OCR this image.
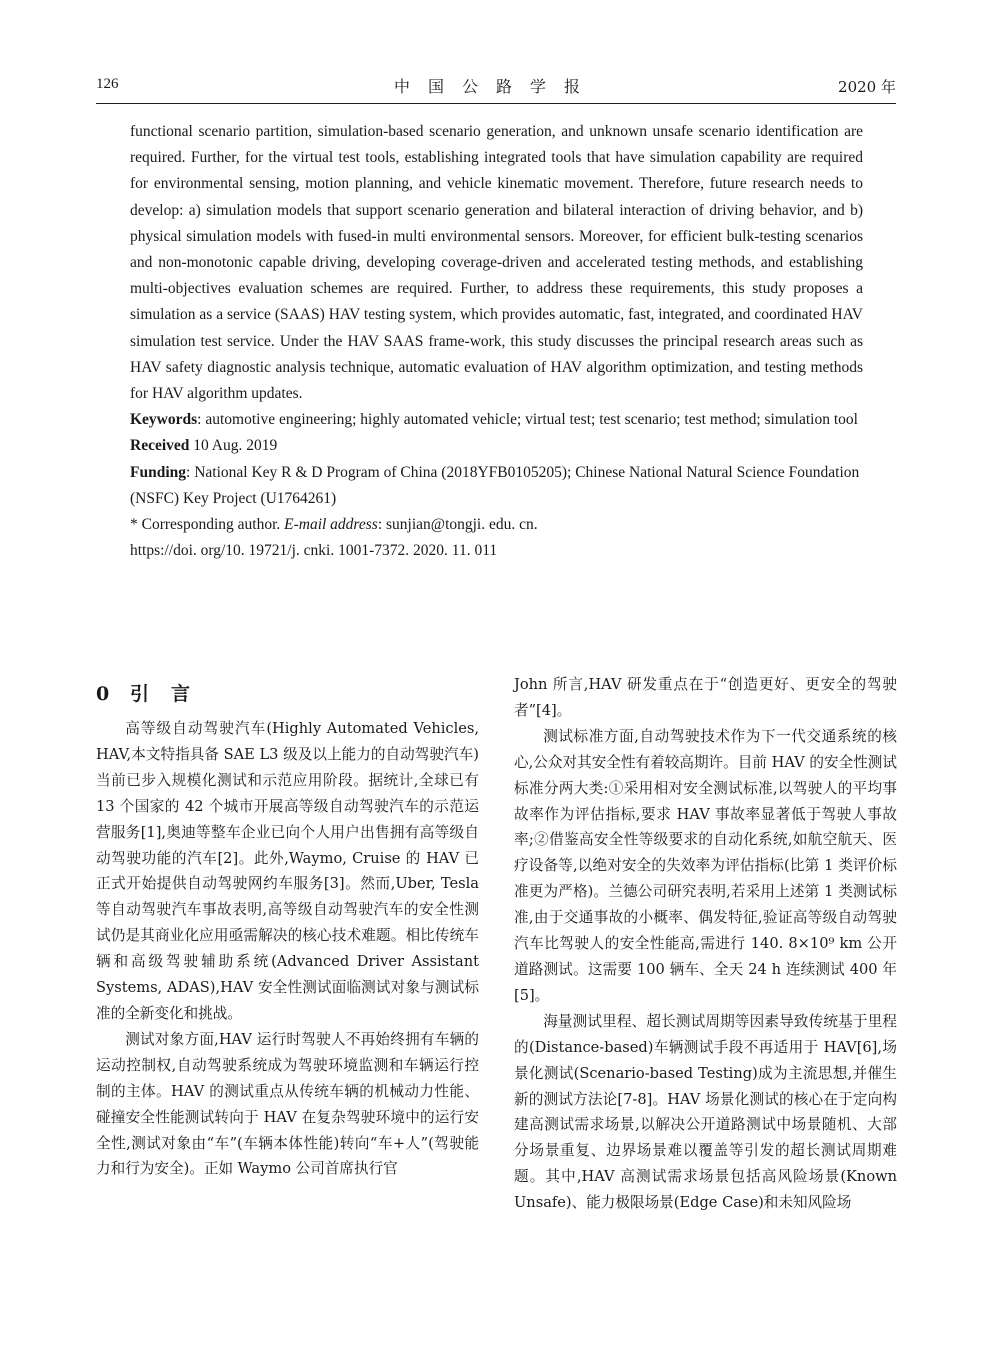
126	中国公路学报	2020 年

functional scenario partition, simulation-based scenario generation, and unknown unsafe scenario identification are required. Further, for the virtual test tools, establishing integrated tools that have simulation capability are required for environmental sensing, motion planning, and vehicle kinematic movement. Therefore, future research needs to develop: a) simulation models that support scenario generation and bilateral interaction of driving behavior, and b) physical simulation models with fused-in multi environmental sensors. Moreover, for efficient bulk-testing scenarios and non-monotonic capable driving, developing coverage-driven and accelerated testing methods, and establishing multi-objectives evaluation schemes are required. Further, to address these requirements, this study proposes a simulation as a service (SAAS) HAV testing system, which provides automatic, fast, integrated, and coordinated HAV simulation test service. Under the HAV SAAS frame-work, this study discusses the principal research areas such as HAV safety diagnostic analysis technique, automatic evaluation of HAV algorithm optimization, and testing methods for HAV algorithm updates.

Keywords: automotive engineering; highly automated vehicle; virtual test; test scenario; test method; simulation tool

Received 10 Aug. 2019

Funding: National Key R & D Program of China (2018YFB0105205); Chinese National Natural Science Foundation (NSFC) Key Project (U1764261)

* Corresponding author. E-mail address: sunjian@tongji. edu. cn.

https://doi. org/10. 19721/j. cnki. 1001-7372. 2020. 11. 011

0 引言

高等级自动驾驶汽车(Highly Automated Vehicles, HAV,本文特指具备 SAE L3 级及以上能力的自动驾驶汽车)当前已步入规模化测试和示范应用阶段。据统计,全球已有 13 个国家的 42 个城市开展高等级自动驾驶汽车的示范运营服务[1],奥迪等整车企业已向个人用户出售拥有高等级自动驾驶功能的汽车[2]。此外,Waymo, Cruise 的 HAV 已正式开始提供自动驾驶网约车服务[3]。然而,Uber, Tesla 等自动驾驶汽车事故表明,高等级自动驾驶汽车的安全性测试仍是其商业化应用亟需解决的核心技术难题。相比传统车辆和高级驾驶辅助系统(Advanced Driver Assistant Systems, ADAS),HAV 安全性测试面临测试对象与测试标准的全新变化和挑战。

测试对象方面,HAV 运行时驾驶人不再始终拥有车辆的运动控制权,自动驾驶系统成为驾驶环境监测和车辆运行控制的主体。HAV 的测试重点从传统车辆的机械动力性能、碰撞安全性能测试转向于 HAV 在复杂驾驶环境中的运行安全性,测试对象由“车”(车辆本体性能)转向“车+人”(驾驶能力和行为安全)。正如 Waymo 公司首席执行官

John 所言,HAV 研发重点在于“创造更好、更安全的驾驶者”[4]。

测试标准方面,自动驾驶技术作为下一代交通系统的核心,公众对其安全性有着较高期许。目前 HAV 的安全性测试标准分两大类:①采用相对安全测试标准,以驾驶人的平均事故率作为评估指标,要求 HAV 事故率显著低于驾驶人事故率;②借鉴高安全性等级要求的自动化系统,如航空航天、医疗设备等,以绝对安全的失效率为评估指标(比第 1 类评价标准更为严格)。兰德公司研究表明,若采用上述第 1 类测试标准,由于交通事故的小概率、偶发特征,验证高等级自动驾驶汽车比驾驶人的安全性能高,需进行 140. 8×10⁹ km 公开道路测试。这需要 100 辆车、全天 24 h 连续测试 400 年[5]。

海量测试里程、超长测试周期等因素导致传统基于里程的(Distance-based)车辆测试手段不再适用于 HAV[6],场景化测试(Scenario-based Testing)成为主流思想,并催生新的测试方法论[7-8]。HAV 场景化测试的核心在于定向构建高测试需求场景,以解决公开道路测试中场景随机、大部分场景重复、边界场景难以覆盖等引发的超长测试周期难题。其中,HAV 高测试需求场景包括高风险场景(Known Unsafe)、能力极限场景(Edge Case)和未知风险场
